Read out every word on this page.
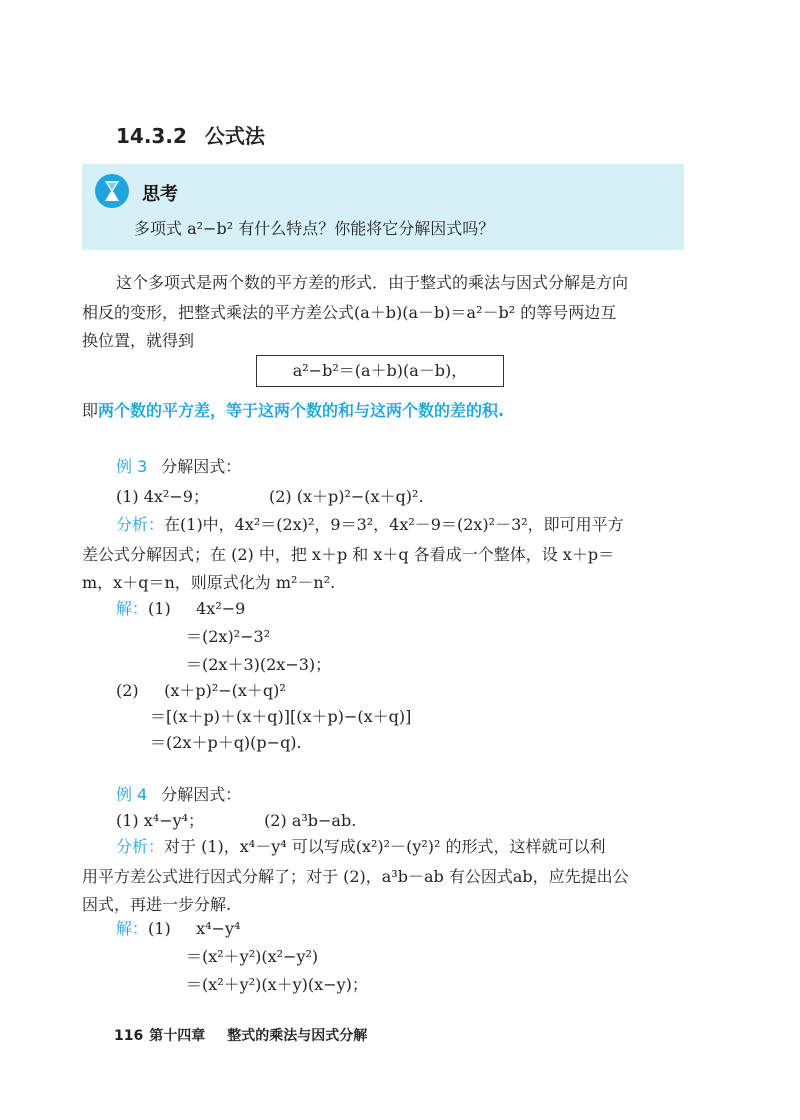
14.3.2 公式法
思考
多项式 a²−b² 有什么特点？你能将它分解因式吗？
这个多项式是两个数的平方差的形式．由于整式的乘法与因式分解是方向
相反的变形，把整式乘法的平方差公式(a＋b)(a－b)＝a²－b² 的等号两边互
换位置，就得到
a²−b²＝(a＋b)(a－b)，
即两个数的平方差，等于这两个数的和与这两个数的差的积.
例 3 分解因式：
(1) 4x²−9；	(2) (x＋p)²−(x＋q)².
分析：在(1)中，4x²＝(2x)²，9＝3²，4x²－9＝(2x)²－3²，即可用平方
差公式分解因式；在 (2) 中，把 x＋p 和 x＋q 各看成一个整体，设 x＋p＝
m，x＋q＝n，则原式化为 m²－n².
解：(1)     4x²−9
＝(2x)²−3²
＝(2x＋3)(2x−3)；
(2)     (x＋p)²−(x＋q)²
＝[(x＋p)＋(x＋q)][(x＋p)−(x＋q)]
＝(2x＋p＋q)(p−q).
例 4 分解因式：
(1) x⁴−y⁴；	(2) a³b−ab.
分析：对于 (1)，x⁴－y⁴ 可以写成(x²)²－(y²)² 的形式，这样就可以利
用平方差公式进行因式分解了；对于 (2)，a³b－ab 有公因式ab，应先提出公
因式，再进一步分解.
解：(1)     x⁴−y⁴
＝(x²＋y²)(x²−y²)
＝(x²＋y²)(x＋y)(x−y)；
116 第十四章 整式的乘法与因式分解
